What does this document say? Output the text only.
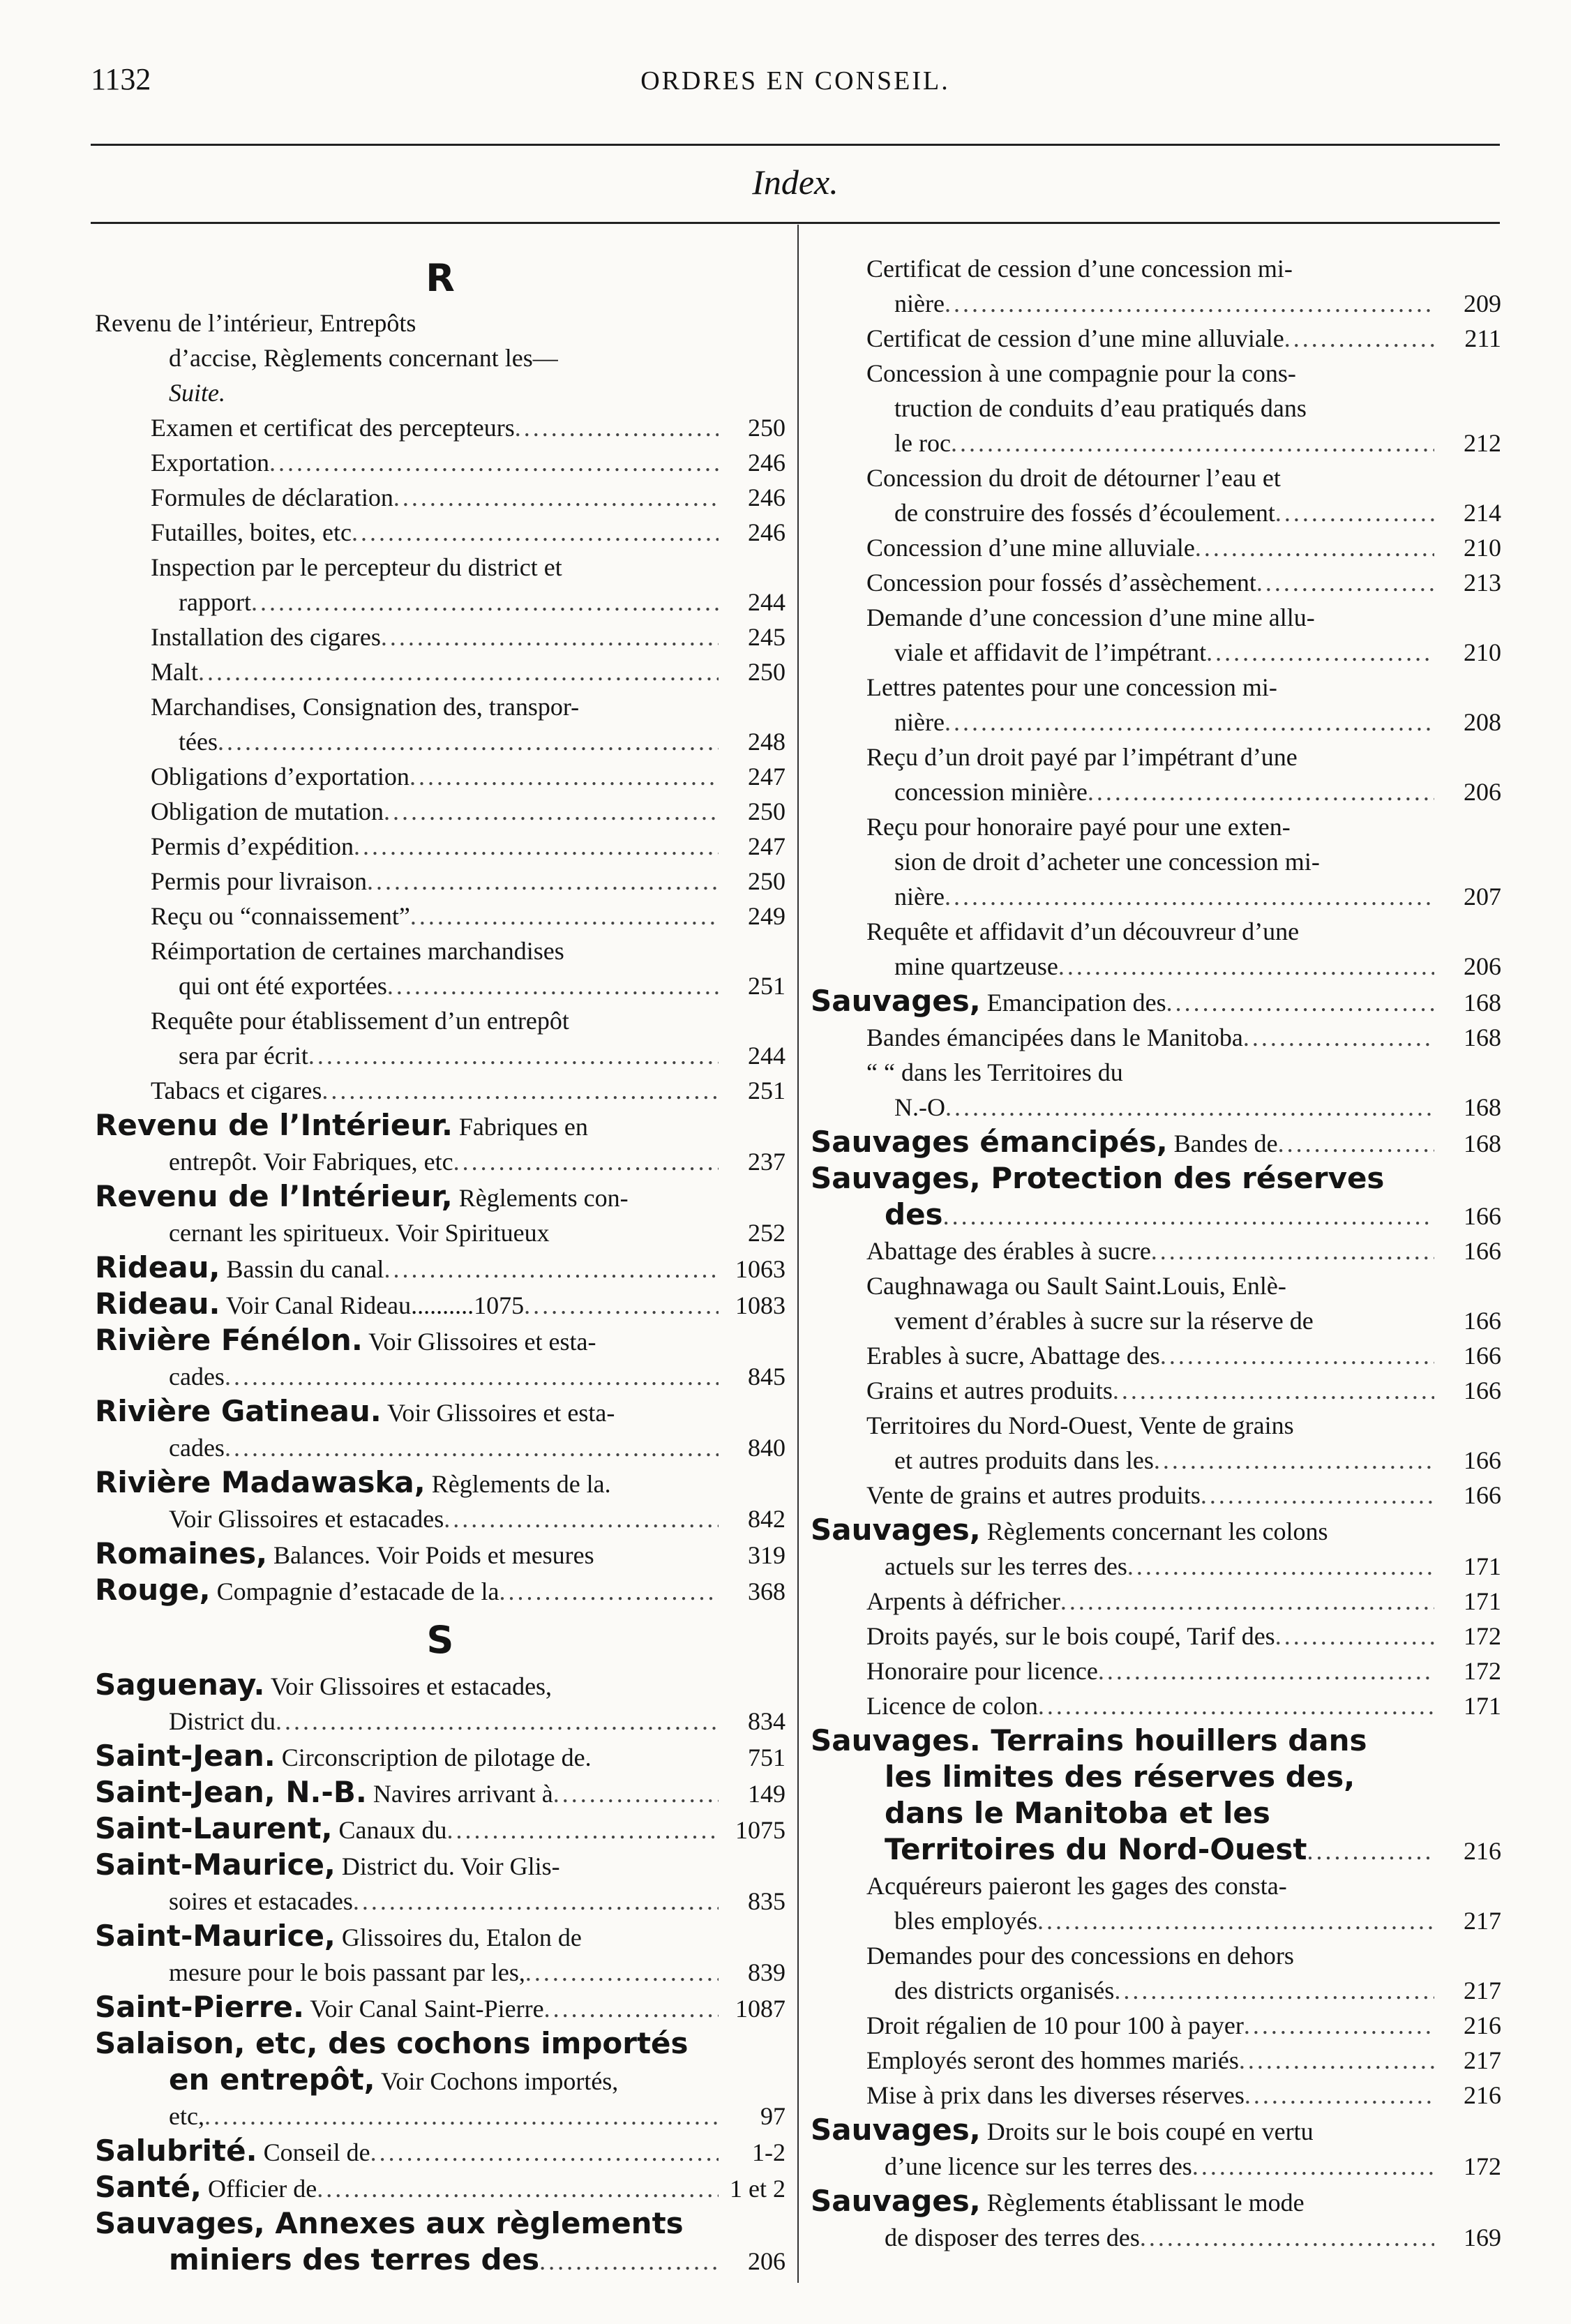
1132	ORDRES EN CONSEIL.
Index.
R
Revenu de l’intérieur, Entrepôts
d’accise, Règlements concernant les—
Suite.
Examen et certificat des percepteurs .....	250
Exportation .....	246
Formules de déclaration .....	246
Futailles, boites, etc .....	246
Inspection par le percepteur du district et
rapport .....	244
Installation des cigares .....	245
Malt .....	250
Marchandises, Consignation des, transpor-
tées .....	248
Obligations d’exportation .....	247
Obligation de mutation .....	250
Permis d’expédition .....	247
Permis pour livraison .....	250
Reçu ou “connaissement” .....	249
Réimportation de certaines marchandises
qui ont été exportées .....	251
Requête pour établissement d’un entrepôt
sera par écrit .....	244
Tabacs et cigares .....	251
Revenu de l’Intérieur. Fabriques en
entrepôt. Voir Fabriques, etc .....	237
Revenu de l’Intérieur, Règlements con-
cernant les spiritueux. Voir Spiritueux	252
Rideau, Bassin du canal .....	1063
Rideau. Voir Canal Rideau..........1075 .....	1083
Rivière Fénélon. Voir Glissoires et esta-
cades .....	845
Rivière Gatineau. Voir Glissoires et esta-
cades .....	840
Rivière Madawaska, Règlements de la.
Voir Glissoires et estacades .....	842
Romaines, Balances. Voir Poids et mesures	319
Rouge, Compagnie d’estacade de la .....	368
S
Saguenay. Voir Glissoires et estacades,
District du .....	834
Saint-Jean. Circonscription de pilotage de.	751
Saint-Jean, N.-B. Navires arrivant à .....	149
Saint-Laurent, Canaux du .....	1075
Saint-Maurice, District du. Voir Glis-
soires et estacades .....	835
Saint-Maurice, Glissoires du, Etalon de
mesure pour le bois passant par les, .....	839
Saint-Pierre. Voir Canal Saint-Pierre .....	1087
Salaison, etc, des cochons importés
en entrepôt, Voir Cochons importés,
etc, .....	97
Salubrité. Conseil de .....	1-2
Santé, Officier de .....	1 et 2
Sauvages, Annexes aux règlements
miniers des terres des .....	206
Certificat de cession d’une concession mi-
nière .....	209
Certificat de cession d’une mine alluviale .....	211
Concession à une compagnie pour la cons-
truction de conduits d’eau pratiqués dans
le roc .....	212
Concession du droit de détourner l’eau et
de construire des fossés d’écoulement .....	214
Concession d’une mine alluviale .....	210
Concession pour fossés d’assèchement .....	213
Demande d’une concession d’une mine allu-
viale et affidavit de l’impétrant .....	210
Lettres patentes pour une concession mi-
nière .....	208
Reçu d’un droit payé par l’impétrant d’une
concession minière .....	206
Reçu pour honoraire payé pour une exten-
sion de droit d’acheter une concession mi-
nière .....	207
Requête et affidavit d’un découvreur d’une
mine quartzeuse .....	206
Sauvages, Emancipation des .....	168
Bandes émancipées dans le Manitoba .....	168
“ “ dans les Territoires du
N.-O .....	168
Sauvages émancipés, Bandes de .....	168
Sauvages, Protection des réserves
des .....	166
Abattage des érables à sucre .....	166
Caughnawaga ou Sault Saint.Louis, Enlè-
vement d’érables à sucre sur la réserve de	166
Erables à sucre, Abattage des .....	166
Grains et autres produits .....	166
Territoires du Nord-Ouest, Vente de grains
et autres produits dans les .....	166
Vente de grains et autres produits .....	166
Sauvages, Règlements concernant les colons
actuels sur les terres des .....	171
Arpents à défricher .....	171
Droits payés, sur le bois coupé, Tarif des .....	172
Honoraire pour licence .....	172
Licence de colon .....	171
Sauvages. Terrains houillers dans
les limites des réserves des,
dans le Manitoba et les
Territoires du Nord-Ouest .....	216
Acquéreurs paieront les gages des consta-
bles employés .....	217
Demandes pour des concessions en dehors
des districts organisés .....	217
Droit régalien de 10 pour 100 à payer .....	216
Employés seront des hommes mariés .....	217
Mise à prix dans les diverses réserves .....	216
Sauvages, Droits sur le bois coupé en vertu
d’une licence sur les terres des .....	172
Sauvages, Règlements établissant le mode
de disposer des terres des .....	169
